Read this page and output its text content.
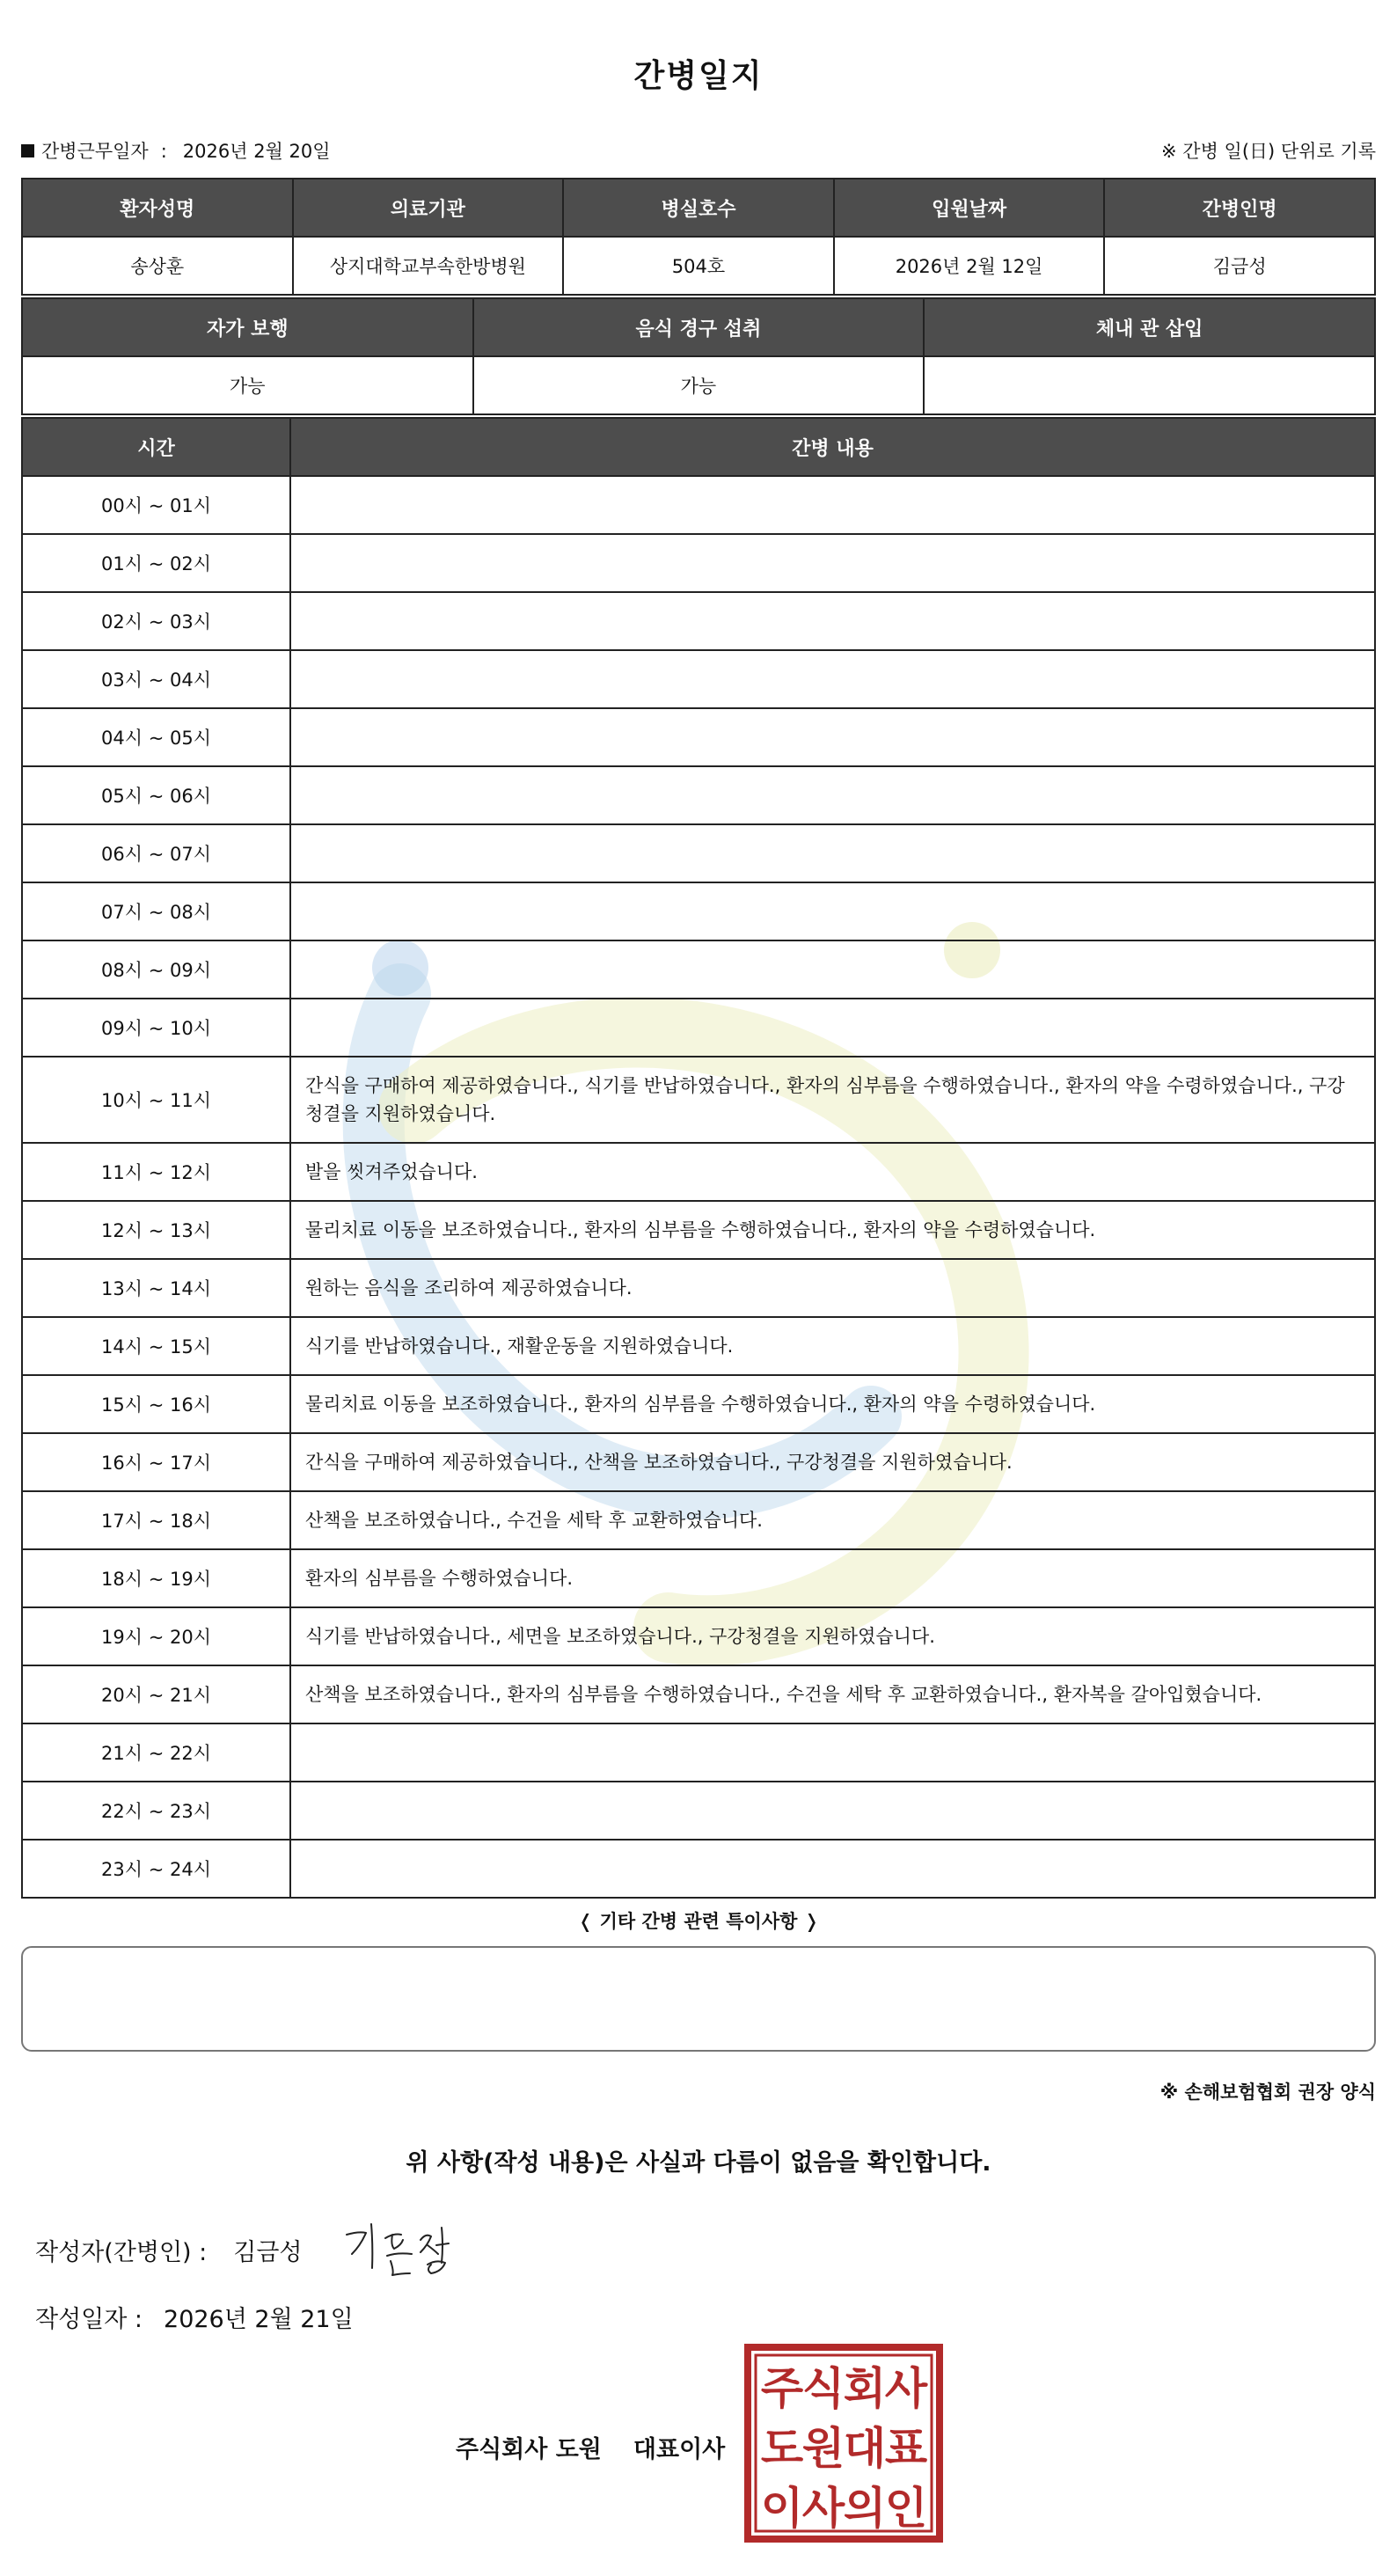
간병일지
간병근무일자 : 2026년 2월 20일	※ 간병 일(日) 단위로 기록
환자성명	의료기관	병실호수	입원날짜	간병인명
송상훈	상지대학교부속한방병원	504호	2026년 2월 12일	김금성
자가 보행	음식 경구 섭취	체내 관 삽입
가능	가능	
시간	간병 내용
00시 ~ 01시	
01시 ~ 02시	
02시 ~ 03시	
03시 ~ 04시	
04시 ~ 05시	
05시 ~ 06시	
06시 ~ 07시	
07시 ~ 08시	
08시 ~ 09시	
09시 ~ 10시	
10시 ~ 11시	간식을 구매하여 제공하였습니다., 식기를 반납하였습니다., 환자의 심부름을 수행하였습니다., 환자의 약을 수령하였습니다., 구강청결을 지원하였습니다.
11시 ~ 12시	발을 씻겨주었습니다.
12시 ~ 13시	물리치료 이동을 보조하였습니다., 환자의 심부름을 수행하였습니다., 환자의 약을 수령하였습니다.
13시 ~ 14시	원하는 음식을 조리하여 제공하였습니다.
14시 ~ 15시	식기를 반납하였습니다., 재활운동을 지원하였습니다.
15시 ~ 16시	물리치료 이동을 보조하였습니다., 환자의 심부름을 수행하였습니다., 환자의 약을 수령하였습니다.
16시 ~ 17시	간식을 구매하여 제공하였습니다., 산책을 보조하였습니다., 구강청결을 지원하였습니다.
17시 ~ 18시	산책을 보조하였습니다., 수건을 세탁 후 교환하였습니다.
18시 ~ 19시	환자의 심부름을 수행하였습니다.
19시 ~ 20시	식기를 반납하였습니다., 세면을 보조하였습니다., 구강청결을 지원하였습니다.
20시 ~ 21시	산책을 보조하였습니다., 환자의 심부름을 수행하였습니다., 수건을 세탁 후 교환하였습니다., 환자복을 갈아입혔습니다.
21시 ~ 22시	
22시 ~ 23시	
23시 ~ 24시	
❬ 기타 간병 관련 특이사항 ❭
※ 손해보험협회 권장 양식
위 사항(작성 내용)은 사실과 다름이 없음을 확인합니다.
작성자(간병인) : 김금성
작성일자 : 2026년 2월 21일
주식회사 도원 대표이사
주
식
회
사
도
원
대
표
이
사
의
인
